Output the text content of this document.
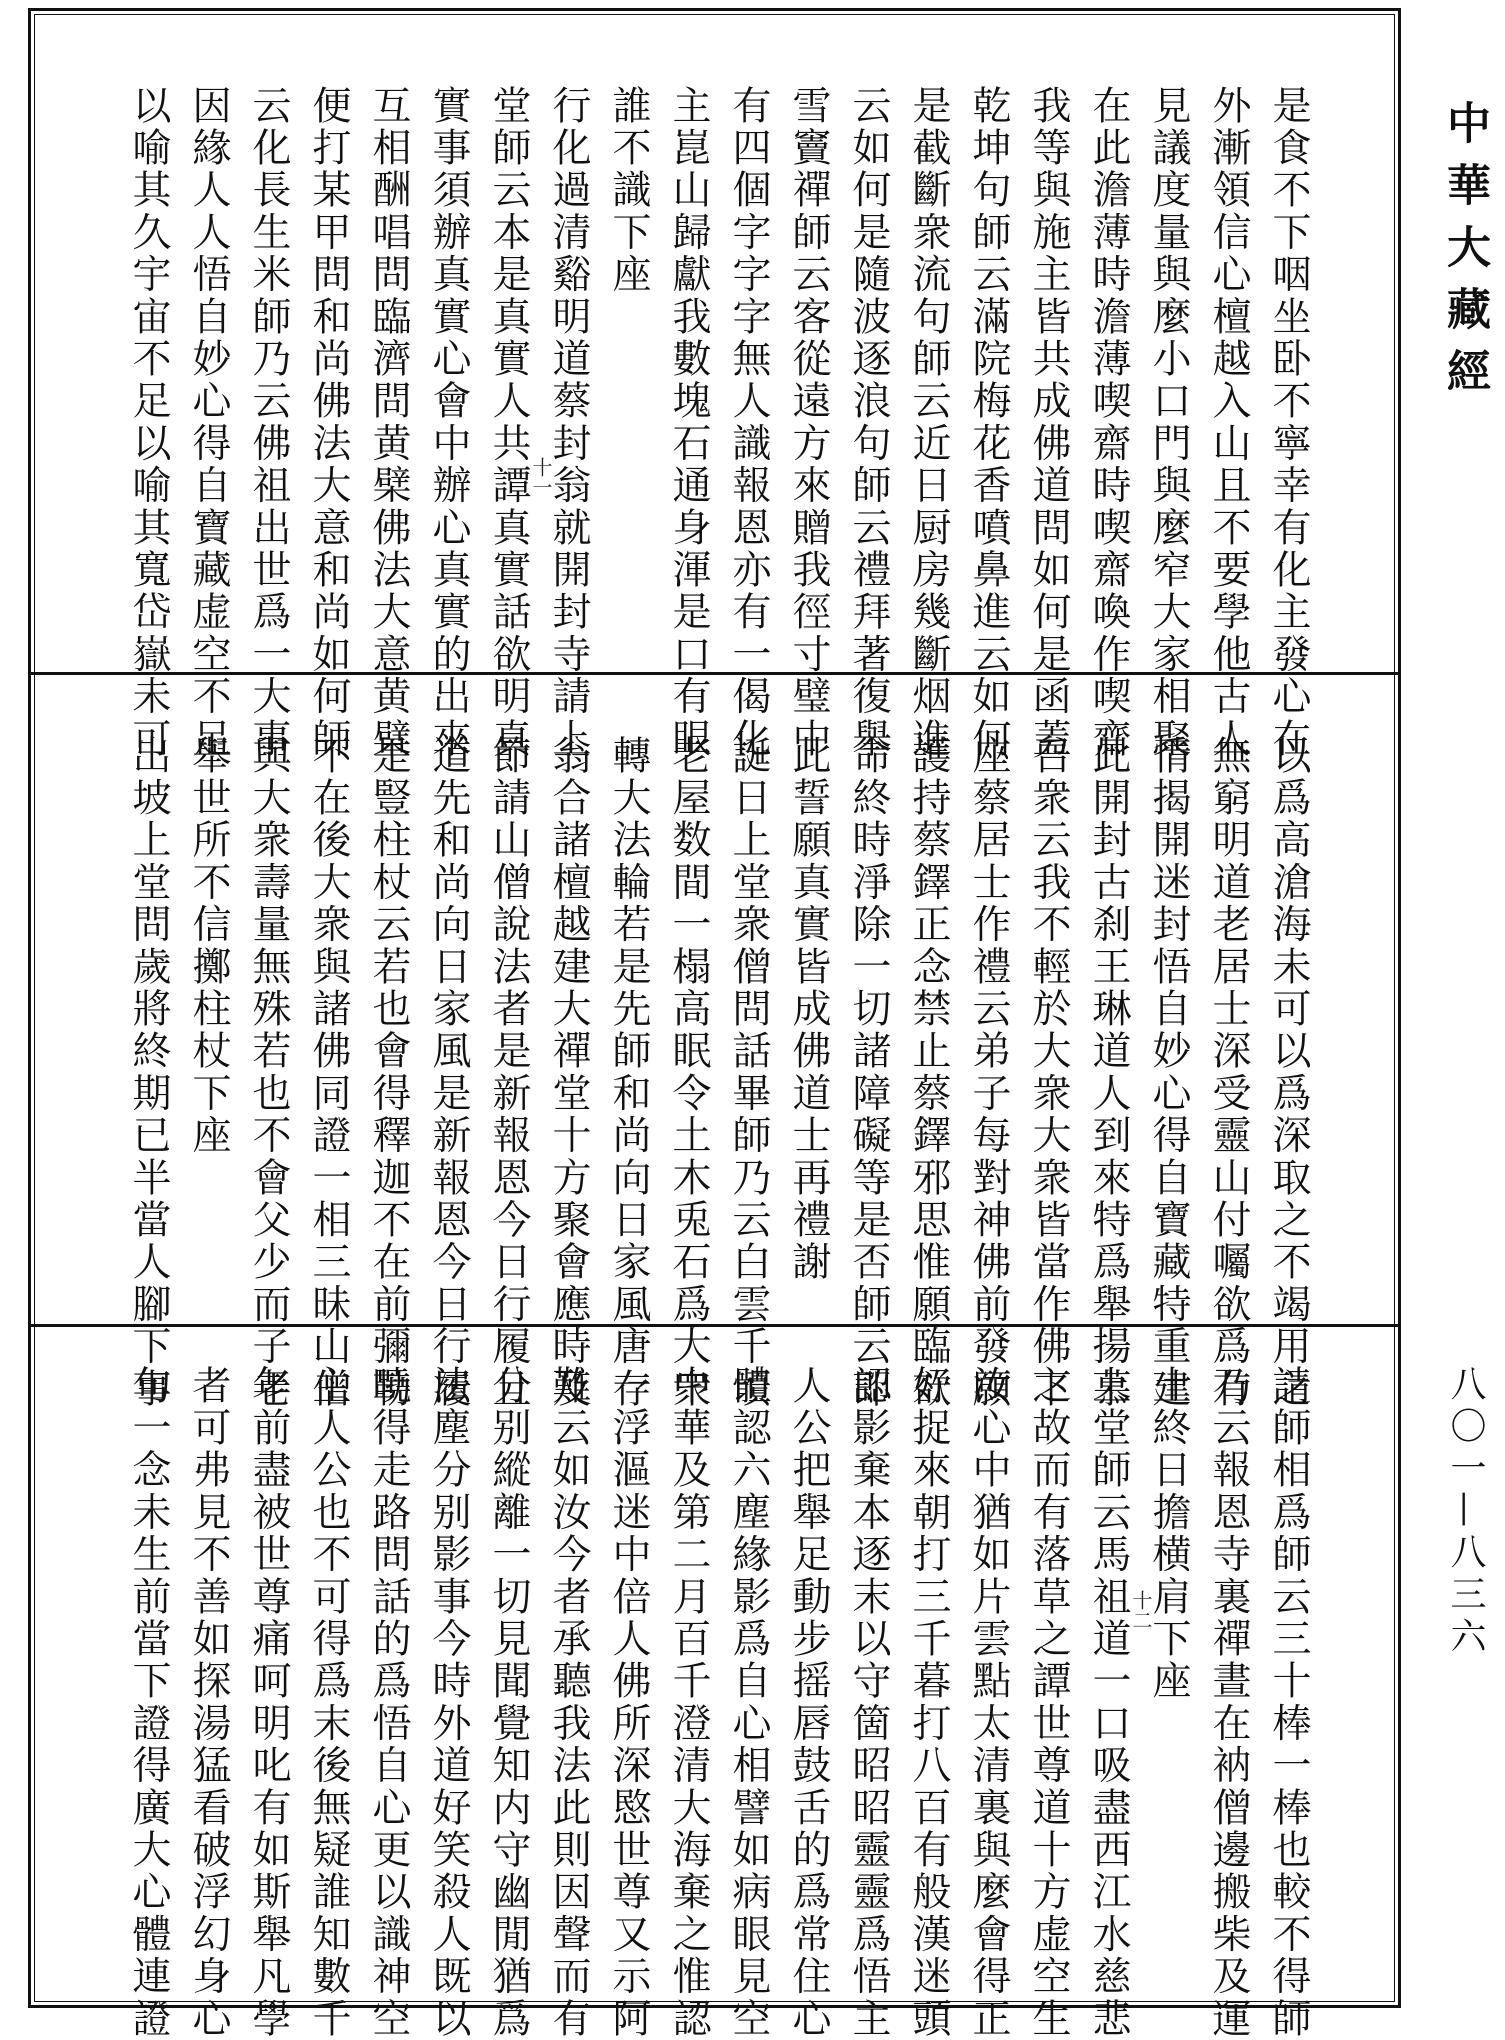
中華大藏經
八〇一—八三六
是食不下咽坐卧不寧幸有化主發心在
外漸領信心檀越入山且不要學他古人
見議度量與麼小口門與麼窄大家相聚
在此澹薄時澹薄喫齋時喫齋喚作喫齋
我等與施主皆共成佛道問如何是函蓋
乾坤句師云滿院梅花香噴鼻進云如何
是截斷衆流句師云近日厨房幾斷烟進
云如何是隨波逐浪句師云禮拜著復舉
雪竇禪師云客從遠方來贈我徑寸璧中
有四個字字字無人識報恩亦有一偈化
主崑山歸獻我數塊石通身渾是口有眼
誰不識下座
行化過清谿明道蔡封翁就開封寺請上
堂師云本是真實人共譚真實話欲明真
實事須辦真實心會中辦心真實的出來
互相酬唱問臨濟問黄檗佛法大意黄檗
便打某甲問和尚佛法大意和尚如何師
云化長生米師乃云佛祖出世爲一大事
因緣人人悟自妙心得自寶藏虚空不足
以喻其久宇宙不足以喻其寬岱嶽未可	十一
以爲高滄海未可以爲深取之不竭用之
無窮明道老居士深受靈山付囑欲爲有
情揭開迷封悟自妙心得自寶藏特重建
此開封古刹王琳道人到來特爲舉揚慕
召衆云我不輕於大衆大衆皆當作佛下
座蔡居士作禮云弟子每對神佛前發願
護持蔡鐸正念禁止蔡鐸邪思惟願臨欲
命終時淨除一切諸障礙等是否師云即
此誓願真實皆成佛道士再禮謝
誕日上堂衆僧問話畢師乃云白雲千頃
老屋数間一榻高眠令土木兎石爲大衆
轉大法輪若是先師和尚向日家風唐存
翁合諸檀越建大禪堂十方聚會應時及
節請山僧說法者是新報恩今日行履且
道先和尚向日家風是新報恩今日行履
是豎柱杖云若也會得釋迦不在前彌勒
不在後大衆與諸佛同證一相三昧山僧
與大衆壽量無殊若也不會父少而子老
舉世所不信擲柱杖下座
出坡上堂問歲將終期已半當人腳下事
請師相爲師云三十棒一棒也較不得師
乃云報恩寺裏禪晝在衲僧邊搬柴及運
土終日擔横肩下座
上堂師云馬祖道一口吸盡西江水慈悲
之故而有落草之譚世尊道十方虚空生
汝心中猶如片雲點太清裏與麼會得正
好捉來朝打三千暮打八百有般漢迷頭
認影棄本逐末以守箇昭昭靈靈爲悟主
人公把舉足動步摇唇鼓舌的爲常住心
體認六塵緣影爲自心相譬如病眼見空
中華及第二月百千澄清大海棄之惟認
一浮漚迷中倍人佛所深愍世尊又示阿
難云如汝今者承聽我法此則因聲而有
分别縱離一切見聞覺知内守幽閒猶爲
法塵分别影事今時外道好笑殺人既以
曉得走路問話的爲悟自心更以識神空
主人公也不可得爲末後無疑誰知數千
年前盡被世尊痛呵明叱有如斯舉凡學
者可弗見不善如探湯猛看破浮幻身心
句一念未生前當下證得廣大心體連證	十二
